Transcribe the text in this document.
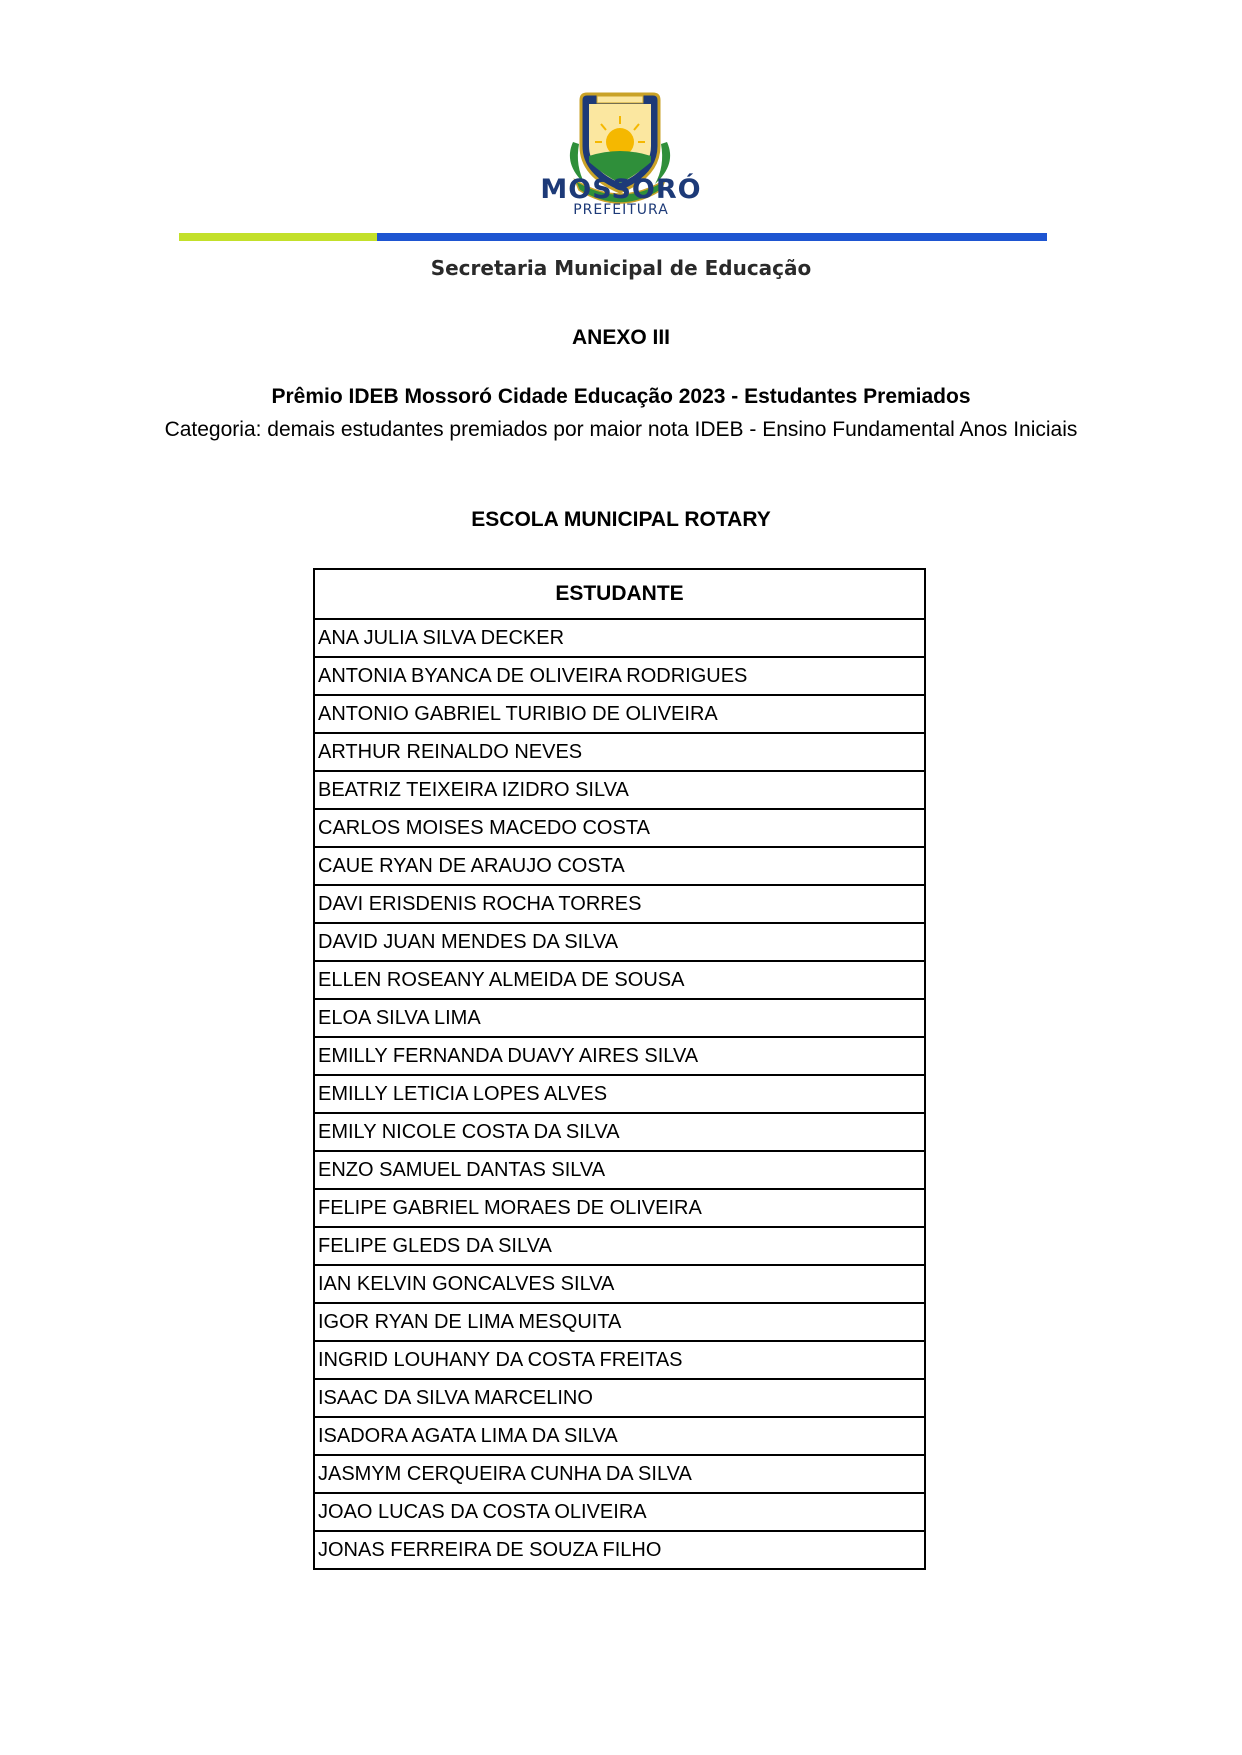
MOSSORÓ
PREFEITURA
Secretaria Municipal de Educação
ANEXO III
Prêmio IDEB Mossoró Cidade Educação 2023 - Estudantes Premiados
Categoria: demais estudantes premiados por maior nota IDEB - Ensino Fundamental Anos Iniciais
ESCOLA MUNICIPAL ROTARY
ESTUDANTE
ANA JULIA SILVA DECKER
ANTONIA BYANCA DE OLIVEIRA RODRIGUES
ANTONIO GABRIEL TURIBIO DE OLIVEIRA
ARTHUR REINALDO NEVES
BEATRIZ TEIXEIRA IZIDRO SILVA
CARLOS MOISES MACEDO COSTA
CAUE RYAN DE ARAUJO COSTA
DAVI ERISDENIS ROCHA TORRES
DAVID JUAN MENDES DA SILVA
ELLEN ROSEANY ALMEIDA DE SOUSA
ELOA SILVA LIMA
EMILLY FERNANDA DUAVY AIRES SILVA
EMILLY LETICIA LOPES ALVES
EMILY NICOLE COSTA DA SILVA
ENZO SAMUEL DANTAS SILVA
FELIPE GABRIEL MORAES DE OLIVEIRA
FELIPE GLEDS DA SILVA
IAN KELVIN GONCALVES SILVA
IGOR RYAN DE LIMA MESQUITA
INGRID LOUHANY DA COSTA FREITAS
ISAAC DA SILVA MARCELINO
ISADORA AGATA LIMA DA SILVA
JASMYM CERQUEIRA CUNHA DA SILVA
JOAO LUCAS DA COSTA OLIVEIRA
JONAS FERREIRA DE SOUZA FILHO
